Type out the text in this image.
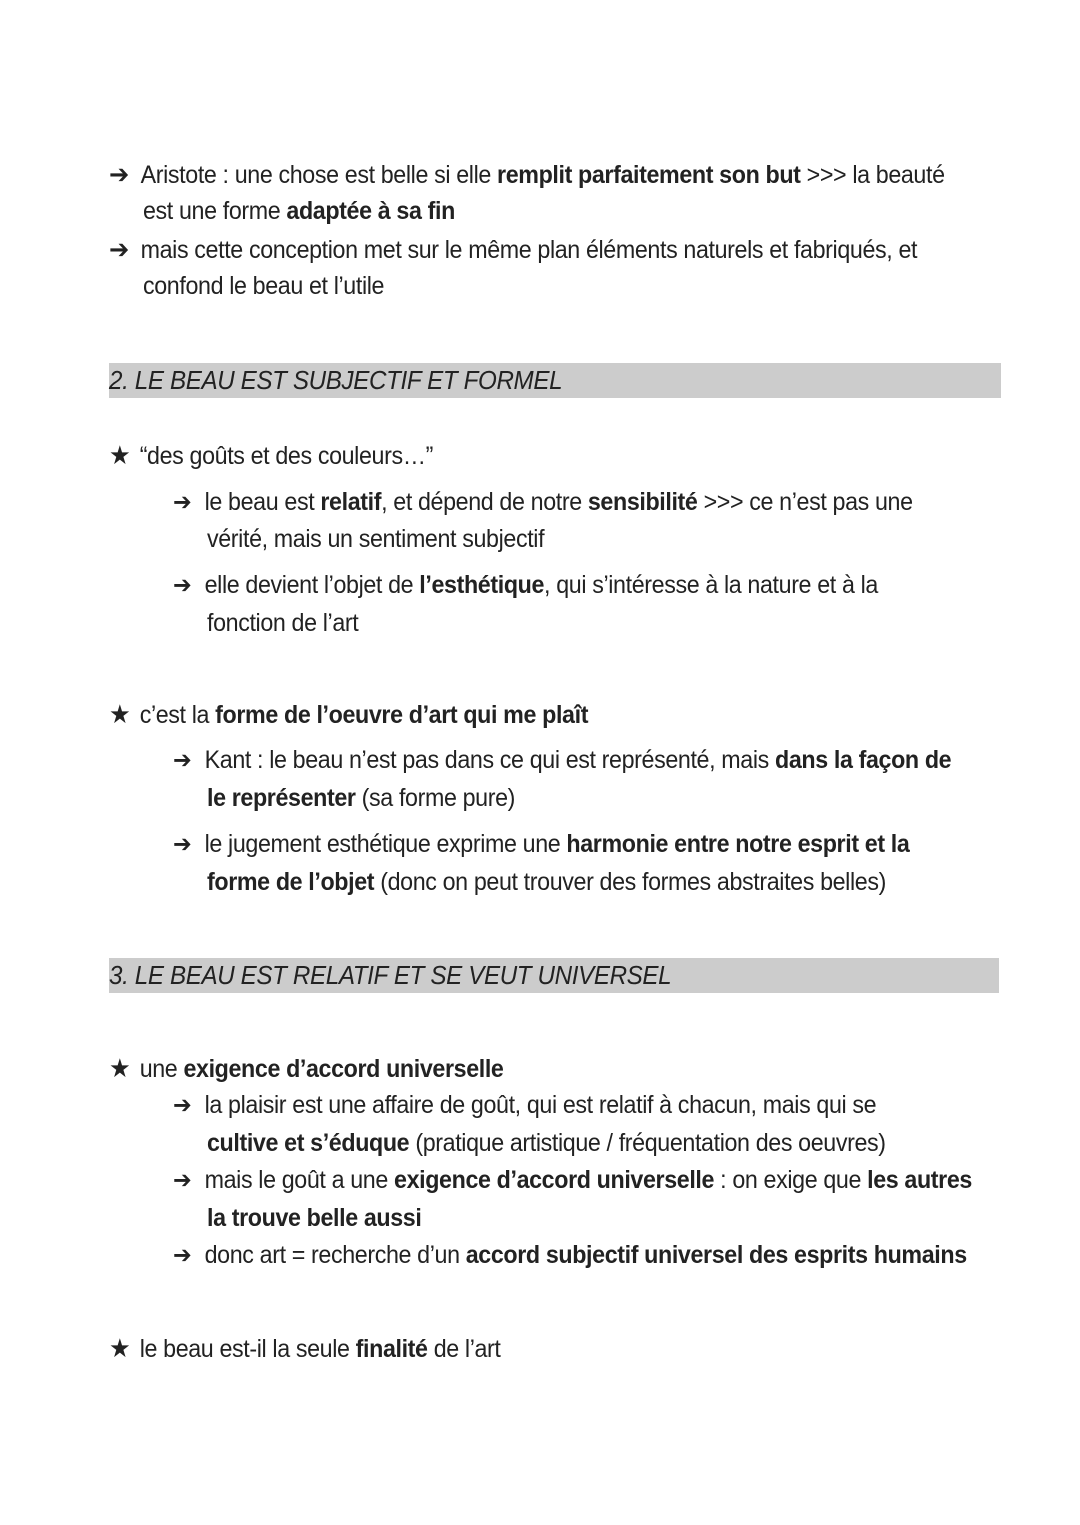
➔ Aristote : une chose est belle si elle remplit parfaitement son but >>> la beauté
est une forme adaptée à sa fin
➔ mais cette conception met sur le même plan éléments naturels et fabriqués, et
confond le beau et l’utile
2. LE BEAU EST SUBJECTIF ET FORMEL
★ “des goûts et des couleurs…”
➔ le beau est relatif, et dépend de notre sensibilité >>> ce n’est pas une
vérité, mais un sentiment subjectif
➔ elle devient l’objet de l’esthétique, qui s’intéresse à la nature et à la
fonction de l’art
★ c’est la forme de l’oeuvre d’art qui me plaît
➔ Kant : le beau n’est pas dans ce qui est représenté, mais dans la façon de
le représenter (sa forme pure)
➔ le jugement esthétique exprime une harmonie entre notre esprit et la
forme de l’objet (donc on peut trouver des formes abstraites belles)
3. LE BEAU EST RELATIF ET SE VEUT UNIVERSEL
★ une exigence d’accord universelle
➔ la plaisir est une affaire de goût, qui est relatif à chacun, mais qui se
cultive et s’éduque (pratique artistique / fréquentation des oeuvres)
➔ mais le goût a une exigence d’accord universelle : on exige que les autres
la trouve belle aussi
➔ donc art = recherche d’un accord subjectif universel des esprits humains
★ le beau est-il la seule finalité de l’art
